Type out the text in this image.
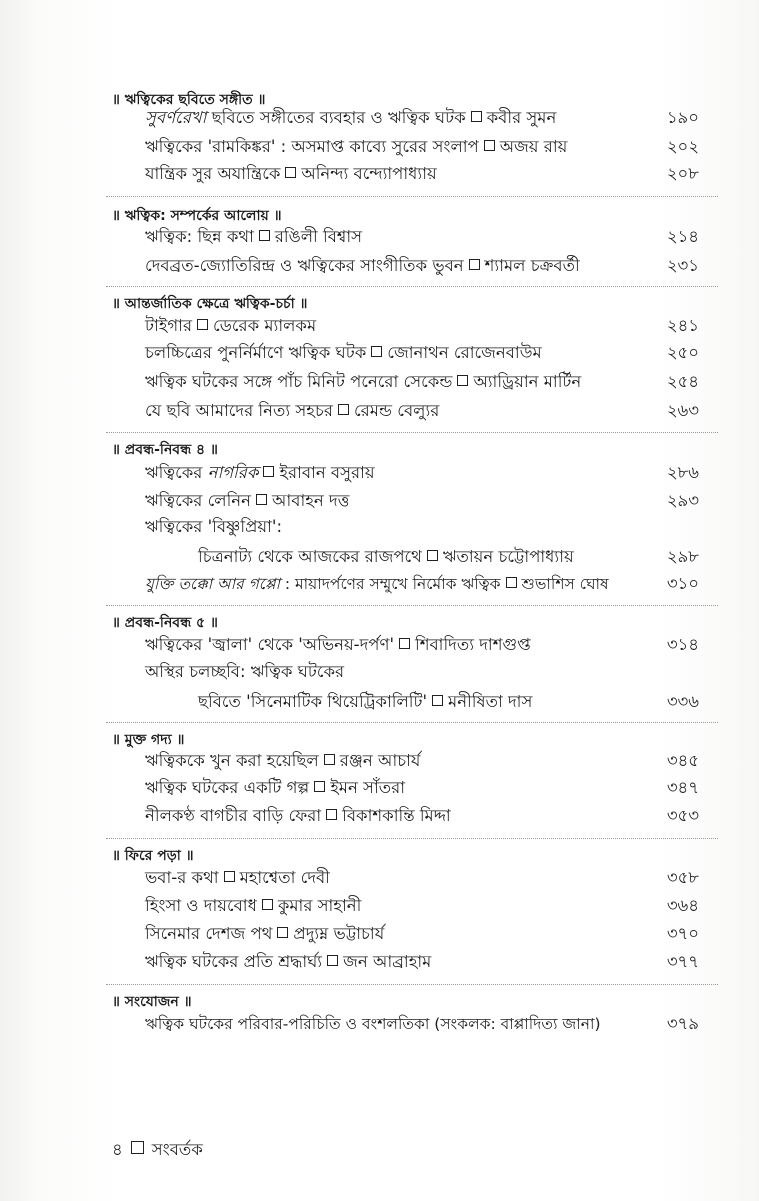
॥ ঋত্বিকের ছবিতে সঙ্গীত ॥
সুবর্ণরেখা ছবিতে সঙ্গীতের ব্যবহার ও ঋত্বিক ঘটক কবীর সুমন	১৯০
ঋত্বিকের 'রামকিঙ্কর' : অসমাপ্ত কাব্যে সুরের সংলাপ অজয় রায়	২০২
যান্ত্রিক সুর অযান্ত্রিকে অনিন্দ্য বন্দ্যোপাধ্যায়	২০৮
॥ ঋত্বিক: সম্পর্কের আলোয় ॥
ঋত্বিক: ছিন্ন কথা রঙিলী বিশ্বাস	২১৪
দেবব্রত-জ্যোতিরিন্দ্র ও ঋত্বিকের সাংগীতিক ভুবন শ্যামল চক্রবর্তী	২৩১
॥ আন্তর্জাতিক ক্ষেত্রে ঋত্বিক-চর্চা ॥
টাইগার ডেরেক ম্যালকম	২৪১
চলচ্চিত্রের পুনর্নির্মাণে ঋত্বিক ঘটক জোনাথন রোজেনবাউম	২৫০
ঋত্বিক ঘটকের সঙ্গে পাঁচ মিনিট পনেরো সেকেন্ড অ্যাড্রিয়ান মার্টিন	২৫৪
যে ছবি আমাদের নিত্য সহচর রেমন্ড বেল্যুর	২৬৩
॥ প্রবন্ধ-নিবন্ধ ৪ ॥
ঋত্বিকের নাগরিক ইরাবান বসুরায়	২৮৬
ঋত্বিকের লেনিন আবাহন দত্ত	২৯৩
ঋত্বিকের 'বিষ্ণুপ্রিয়া':
চিত্রনাট্য থেকে আজকের রাজপথে ঋতায়ন চট্টোপাধ্যায়	২৯৮
যুক্তি তক্কো আর গপ্পো : মায়াদর্পণের সম্মুখে নির্মোক ঋত্বিক শুভাশিস ঘোষ	৩১০
॥ প্রবন্ধ-নিবন্ধ ৫ ॥
ঋত্বিকের 'জ্বালা' থেকে 'অভিনয়-দর্পণ' শিবাদিত্য দাশগুপ্ত	৩১৪
অস্থির চলচ্ছবি: ঋত্বিক ঘটকের
ছবিতে 'সিনেমাটিক থিয়েট্রিকালিটি' মনীষিতা দাস	৩৩৬
॥ মুক্ত গদ্য ॥
ঋত্বিককে খুন করা হয়েছিল রঞ্জন আচার্য	৩৪৫
ঋত্বিক ঘটকের একটি গল্প ইমন সাঁতরা	৩৪৭
নীলকণ্ঠ বাগচীর বাড়ি ফেরা বিকাশকান্তি মিদ্দা	৩৫৩
॥ ফিরে পড়া ॥
ভবা-র কথা মহাশ্বেতা দেবী	৩৫৮
হিংসা ও দায়বোধ কুমার সাহানী	৩৬৪
সিনেমার দেশজ পথ প্রদ্যুম্ন ভট্টাচার্য	৩৭০
ঋত্বিক ঘটকের প্রতি শ্রদ্ধার্ঘ্য জন আব্রাহাম	৩৭৭
॥ সংযোজন ॥
ঋত্বিক ঘটকের পরিবার-পরিচিতি ও বংশলতিকা (সংকলক: বাপ্পাদিত্য জানা)	৩৭৯
৪ সংবর্তক
